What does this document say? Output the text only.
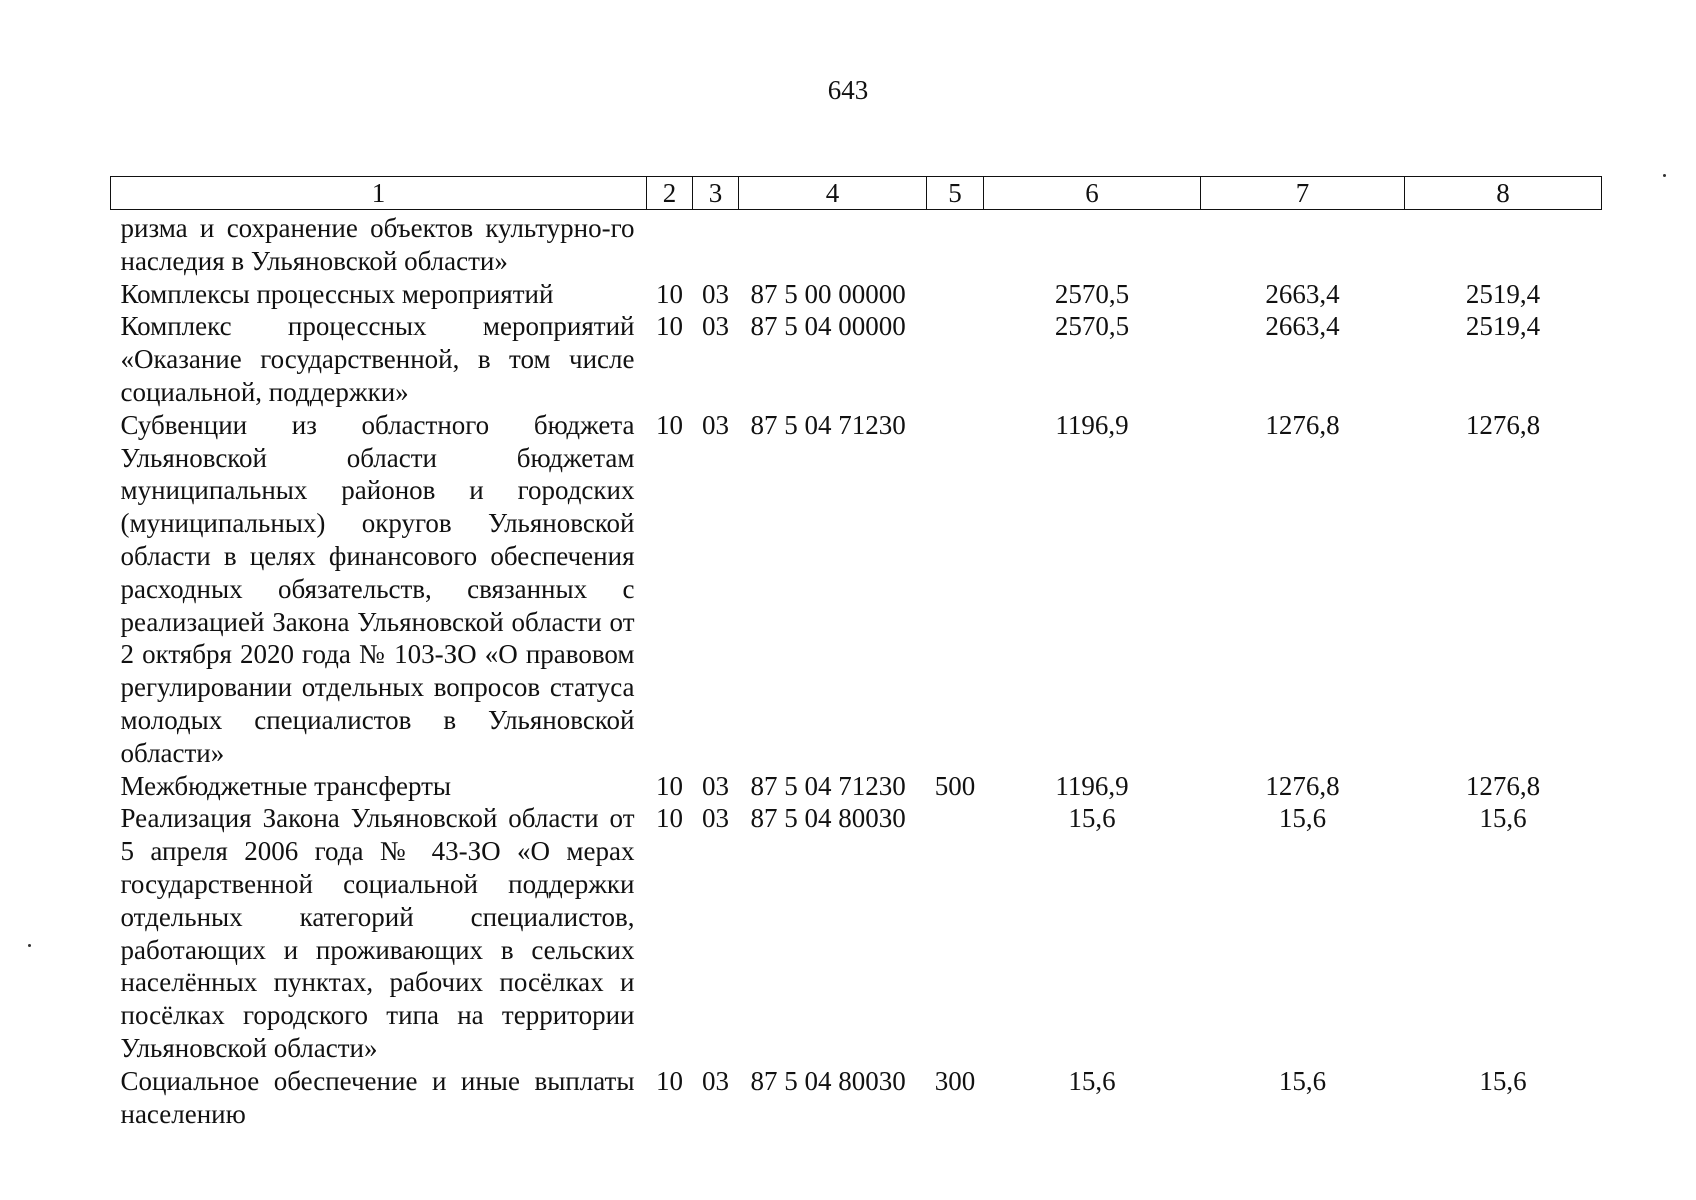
643
1	2	3	4	5	6	7	8
ризма и сохранение объектов культурно-го наследия в Ульяновской области»							
Комплексы процессных мероприятий	10	03	87 5 00 00000		2570,5	2663,4	2519,4
Комплекс процессных мероприятий «Оказание государственной, в том числе социальной, поддержки»	10	03	87 5 04 00000		2570,5	2663,4	2519,4
Субвенции из областного бюджета Ульяновской области бюджетам муниципальных районов и городских (муниципальных) округов Ульяновской области в целях финансового обеспечения расходных обязательств, связанных с реализацией Закона Ульяновской области от 2 октября 2020 года № 103-ЗО «О правовом регулировании отдельных вопросов статуса молодых специалистов в Ульяновской области»	10	03	87 5 04 71230		1196,9	1276,8	1276,8
Межбюджетные трансферты	10	03	87 5 04 71230	500	1196,9	1276,8	1276,8
Реализация Закона Ульяновской области от 5 апреля 2006 года № 43-ЗО «О мерах государственной социальной поддержки отдельных категорий специалистов, работающих и проживающих в сельских населённых пунктах, рабочих посёлках и посёлках городского типа на территории Ульяновской области»	10	03	87 5 04 80030		15,6	15,6	15,6
Социальное обеспечение и иные выплаты населению	10	03	87 5 04 80030	300	15,6	15,6	15,6
